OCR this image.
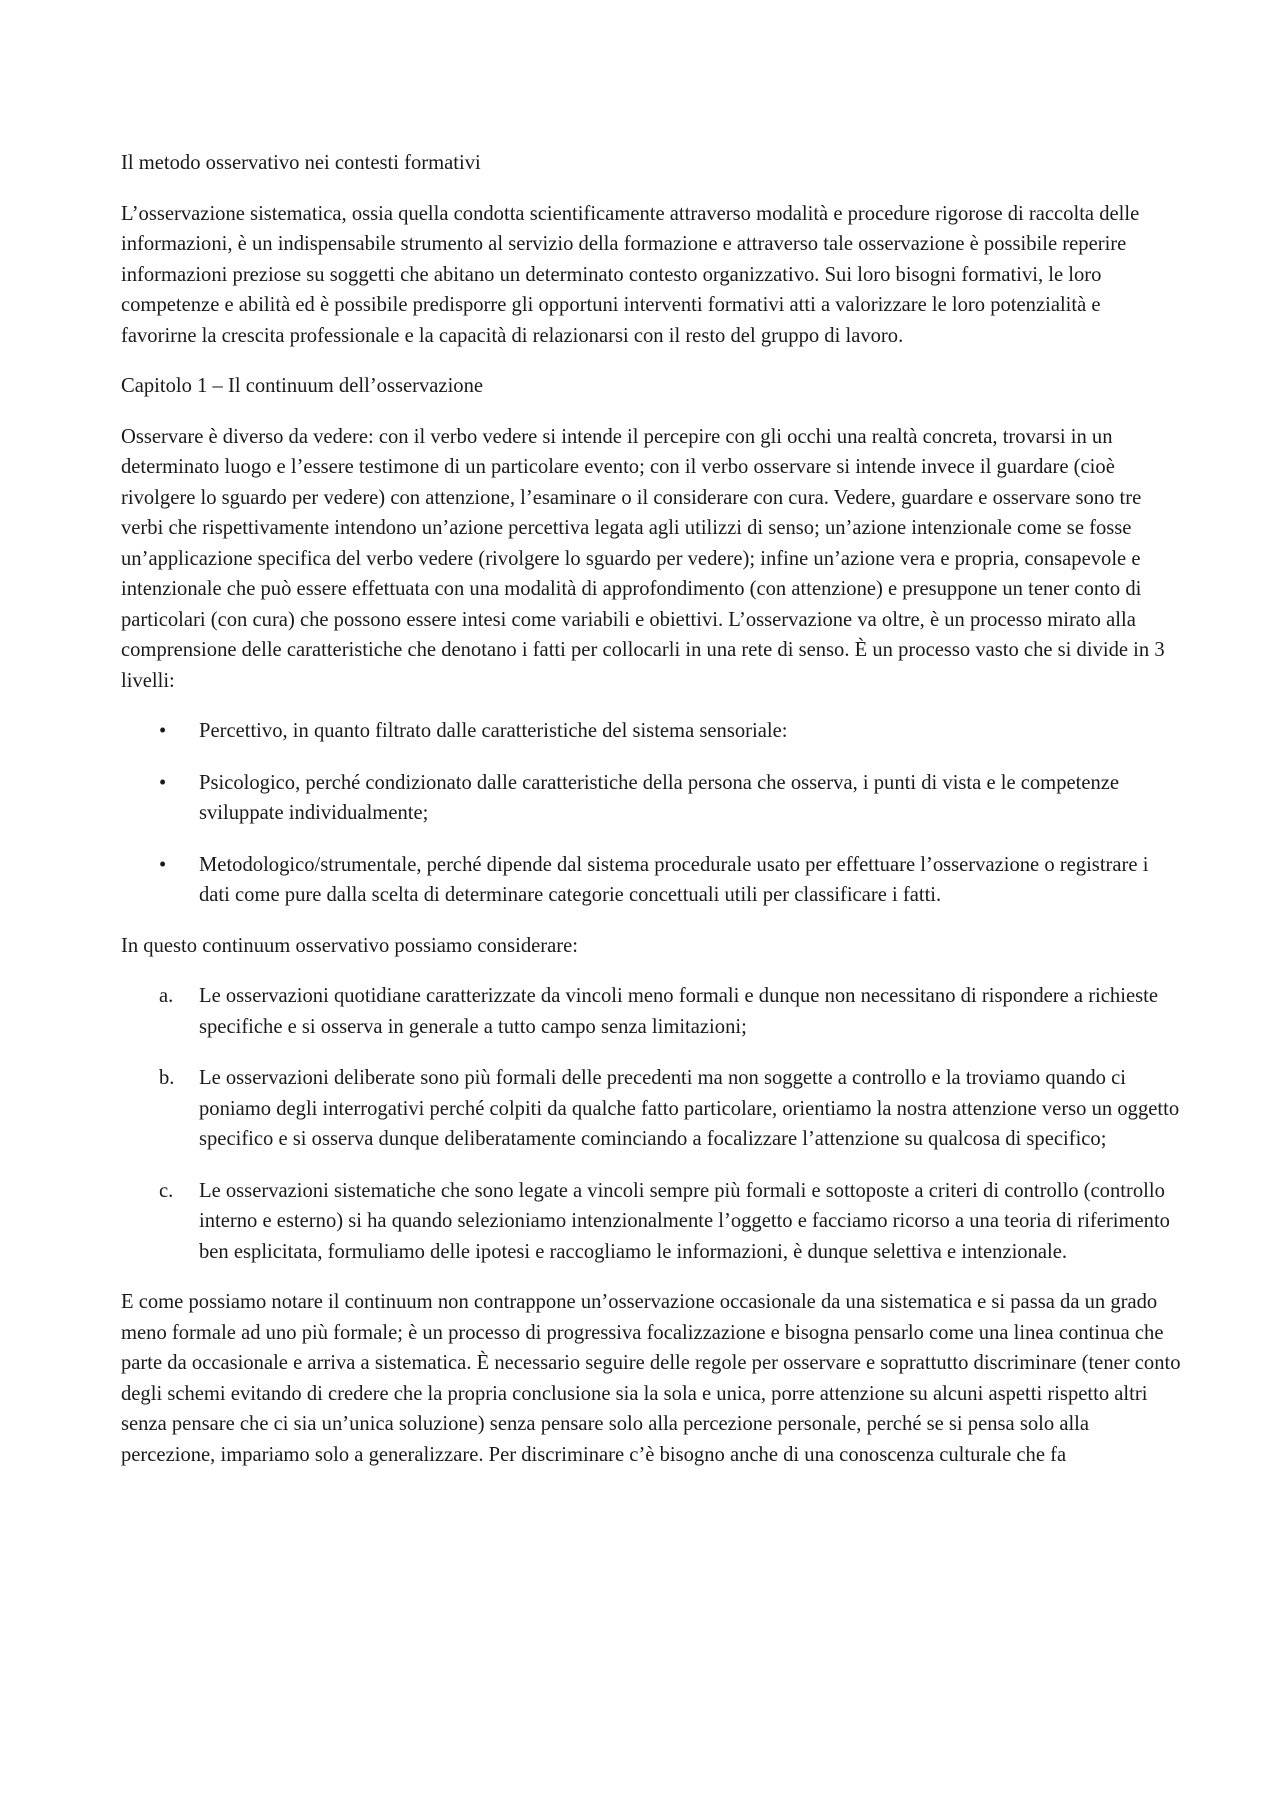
Il metodo osservativo nei contesti formativi

L’osservazione sistematica, ossia quella condotta scientificamente attraverso modalità e procedure rigorose di raccolta delle informazioni, è un indispensabile strumento al servizio della formazione e attraverso tale osservazione è possibile reperire informazioni preziose su soggetti che abitano un determinato contesto organizzativo. Sui loro bisogni formativi, le loro competenze e abilità ed è possibile predisporre gli opportuni interventi formativi atti a valorizzare le loro potenzialità e favorirne la crescita professionale e la capacità di relazionarsi con il resto del gruppo di lavoro.

Capitolo 1 – Il continuum dell’osservazione

Osservare è diverso da vedere: con il verbo vedere si intende il percepire con gli occhi una realtà concreta, trovarsi in un determinato luogo e l’essere testimone di un particolare evento; con il verbo osservare si intende invece il guardare (cioè rivolgere lo sguardo per vedere) con attenzione, l’esaminare o il considerare con cura. Vedere, guardare e osservare sono tre verbi che rispettivamente intendono un’azione percettiva legata agli utilizzi di senso; un’azione intenzionale come se fosse un’applicazione specifica del verbo vedere (rivolgere lo sguardo per vedere); infine un’azione vera e propria, consapevole e intenzionale che può essere effettuata con una modalità di approfondimento (con attenzione) e presuppone un tener conto di particolari (con cura) che possono essere intesi come variabili e obiettivi. L’osservazione va oltre, è un processo mirato alla comprensione delle caratteristiche che denotano i fatti per collocarli in una rete di senso. È un processo vasto che si divide in 3 livelli:

•	Percettivo, in quanto filtrato dalle caratteristiche del sistema sensoriale:
•	Psicologico, perché condizionato dalle caratteristiche della persona che osserva, i punti di vista e le competenze sviluppate individualmente;
•	Metodologico/strumentale, perché dipende dal sistema procedurale usato per effettuare l’osservazione o registrare i dati come pure dalla scelta di determinare categorie concettuali utili per classificare i fatti.

In questo continuum osservativo possiamo considerare:

a.	Le osservazioni quotidiane caratterizzate da vincoli meno formali e dunque non necessitano di rispondere a richieste specifiche e si osserva in generale a tutto campo senza limitazioni;
b.	Le osservazioni deliberate sono più formali delle precedenti ma non soggette a controllo e la troviamo quando ci poniamo degli interrogativi perché colpiti da qualche fatto particolare, orientiamo la nostra attenzione verso un oggetto specifico e si osserva dunque deliberatamente cominciando a focalizzare l’attenzione su qualcosa di specifico;
c.	Le osservazioni sistematiche che sono legate a vincoli sempre più formali e sottoposte a criteri di controllo (controllo interno e esterno) si ha quando selezioniamo intenzionalmente l’oggetto e facciamo ricorso a una teoria di riferimento ben esplicitata, formuliamo delle ipotesi e raccogliamo le informazioni, è dunque selettiva e intenzionale.

E come possiamo notare il continuum non contrappone un’osservazione occasionale da una sistematica e si passa da un grado meno formale ad uno più formale; è un processo di progressiva focalizzazione e bisogna pensarlo come una linea continua che parte da occasionale e arriva a sistematica. È necessario seguire delle regole per osservare e soprattutto discriminare (tener conto degli schemi evitando di credere che la propria conclusione sia la sola e unica, porre attenzione su alcuni aspetti rispetto altri senza pensare che ci sia un’unica soluzione) senza pensare solo alla percezione personale, perché se si pensa solo alla percezione, impariamo solo a generalizzare. Per discriminare c’è bisogno anche di una conoscenza culturale che fa
